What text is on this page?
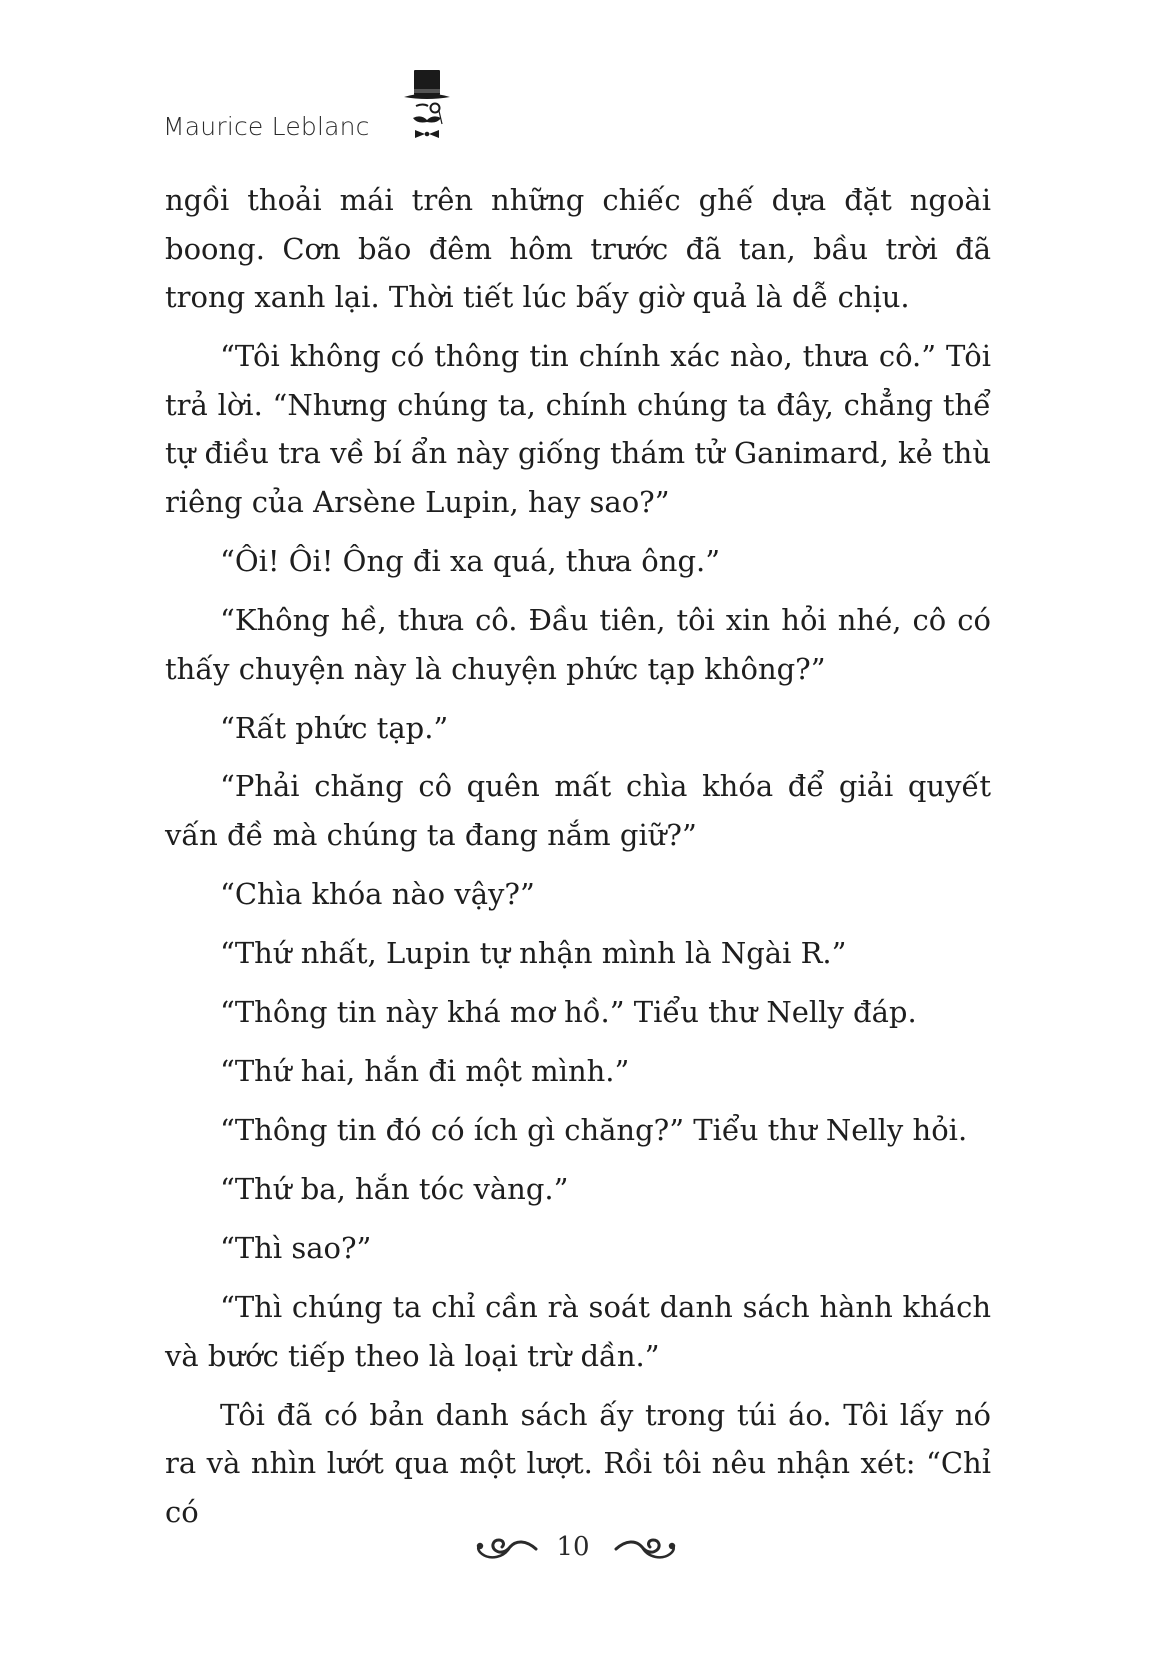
Maurice Leblanc

ngồi thoải mái trên những chiếc ghế dựa đặt ngoài boong. Cơn bão đêm hôm trước đã tan, bầu trời đã trong xanh lại. Thời tiết lúc bấy giờ quả là dễ chịu.

“Tôi không có thông tin chính xác nào, thưa cô.” Tôi trả lời. “Nhưng chúng ta, chính chúng ta đây, chẳng thể tự điều tra về bí ẩn này giống thám tử Ganimard, kẻ thù riêng của Arsène Lupin, hay sao?”

“Ôi! Ôi! Ông đi xa quá, thưa ông.”

“Không hề, thưa cô. Đầu tiên, tôi xin hỏi nhé, cô có thấy chuyện này là chuyện phức tạp không?”

“Rất phức tạp.”

“Phải chăng cô quên mất chìa khóa để giải quyết vấn đề mà chúng ta đang nắm giữ?”

“Chìa khóa nào vậy?”

“Thứ nhất, Lupin tự nhận mình là Ngài R.”

“Thông tin này khá mơ hồ.” Tiểu thư Nelly đáp.

“Thứ hai, hắn đi một mình.”

“Thông tin đó có ích gì chăng?” Tiểu thư Nelly hỏi.

“Thứ ba, hắn tóc vàng.”

“Thì sao?”

“Thì chúng ta chỉ cần rà soát danh sách hành khách và bước tiếp theo là loại trừ dần.”

Tôi đã có bản danh sách ấy trong túi áo. Tôi lấy nó ra và nhìn lướt qua một lượt. Rồi tôi nêu nhận xét: “Chỉ có

10
